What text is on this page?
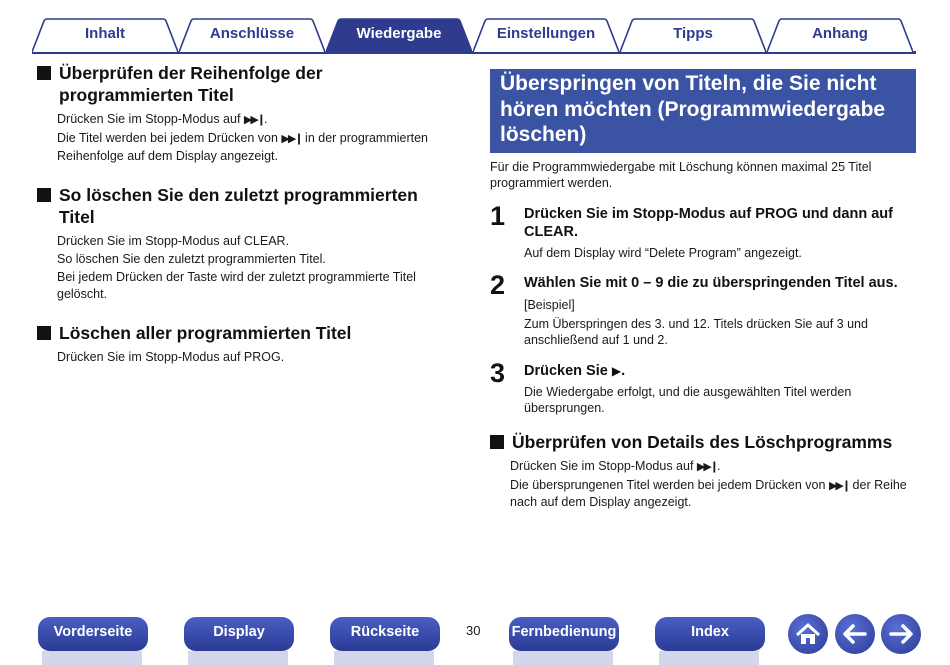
Inhalt	Anschlüsse	Wiedergabe	Einstellungen	Tipps	Anhang
Überprüfen der Reihenfolge der programmierten Titel

Drücken Sie im Stopp-Modus auf ▶▶❙.

Die Titel werden bei jedem Drücken von ▶▶❙ in der programmierten Reihenfolge auf dem Display angezeigt.

So löschen Sie den zuletzt programmierten Titel

Drücken Sie im Stopp-Modus auf CLEAR.

So löschen Sie den zuletzt programmierten Titel.

Bei jedem Drücken der Taste wird der zuletzt programmierte Titel gelöscht.

Löschen aller programmierten Titel

Drücken Sie im Stopp-Modus auf PROG.

Überspringen von Titeln, die Sie nicht hören möchten (Programmwiedergabe löschen)

Für die Programmwiedergabe mit Löschung können maximal 25 Titel programmiert werden.

1 Drücken Sie im Stopp-Modus auf PROG und dann auf CLEAR.

Auf dem Display wird “Delete Program” angezeigt.

2 Wählen Sie mit 0 – 9 die zu überspringenden Titel aus.

[Beispiel]

Zum Überspringen des 3. und 12. Titels drücken Sie auf 3 und anschließend auf 1 und 2.

3 Drücken Sie ▶.

Die Wiedergabe erfolgt, und die ausgewählten Titel werden übersprungen.

Überprüfen von Details des Löschprogramms

Drücken Sie im Stopp-Modus auf ▶▶❙.

Die übersprungenen Titel werden bei jedem Drücken von ▶▶❙ der Reihe nach auf dem Display angezeigt.

Vorderseite	Display	Rückseite	30 Fernbedienung	Index
